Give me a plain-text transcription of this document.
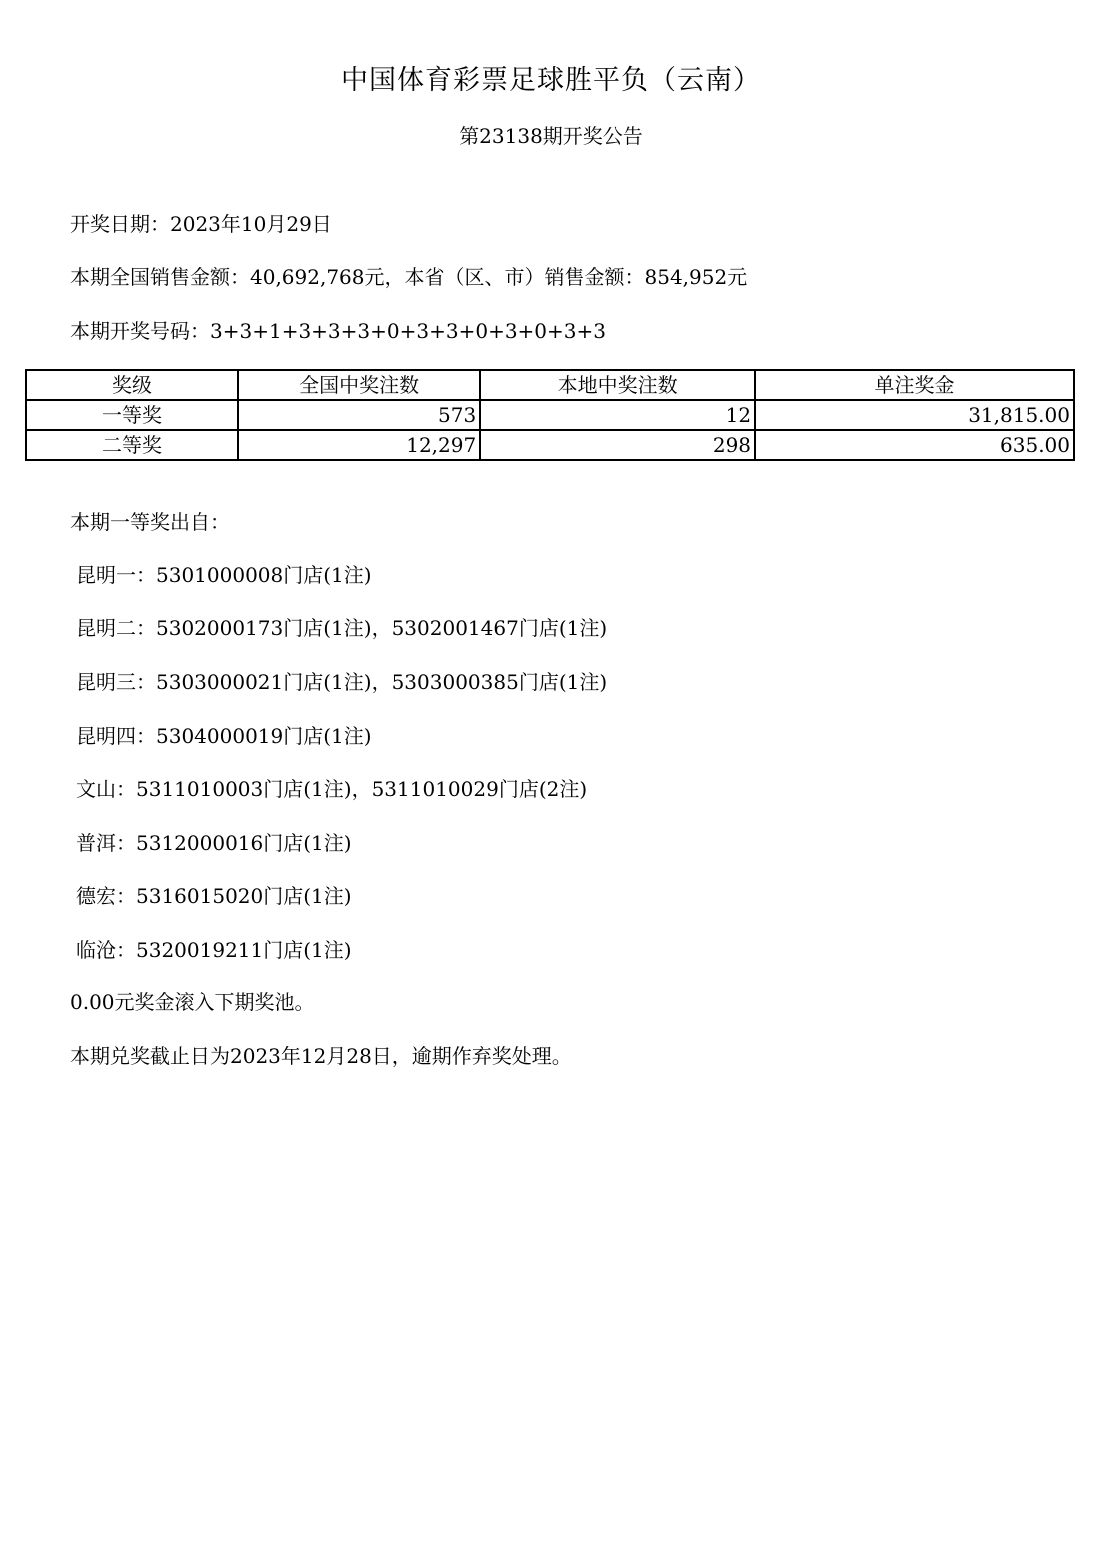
中国体育彩票足球胜平负（云南）
第23138期开奖公告
开奖日期：2023年10月29日
本期全国销售金额：40,692,768元，本省（区、市）销售金额：854,952元
本期开奖号码：3+3+1+3+3+3+0+3+3+0+3+0+3+3
奖级	全国中奖注数	本地中奖注数	单注奖金
一等奖	573	12	31,815.00
二等奖	12,297	298	635.00
本期一等奖出自：
昆明一：5301000008门店(1注)
昆明二：5302000173门店(1注)，5302001467门店(1注)
昆明三：5303000021门店(1注)，5303000385门店(1注)
昆明四：5304000019门店(1注)
文山：5311010003门店(1注)，5311010029门店(2注)
普洱：5312000016门店(1注)
德宏：5316015020门店(1注)
临沧：5320019211门店(1注)
0.00元奖金滚入下期奖池。
本期兑奖截止日为2023年12月28日，逾期作弃奖处理。
